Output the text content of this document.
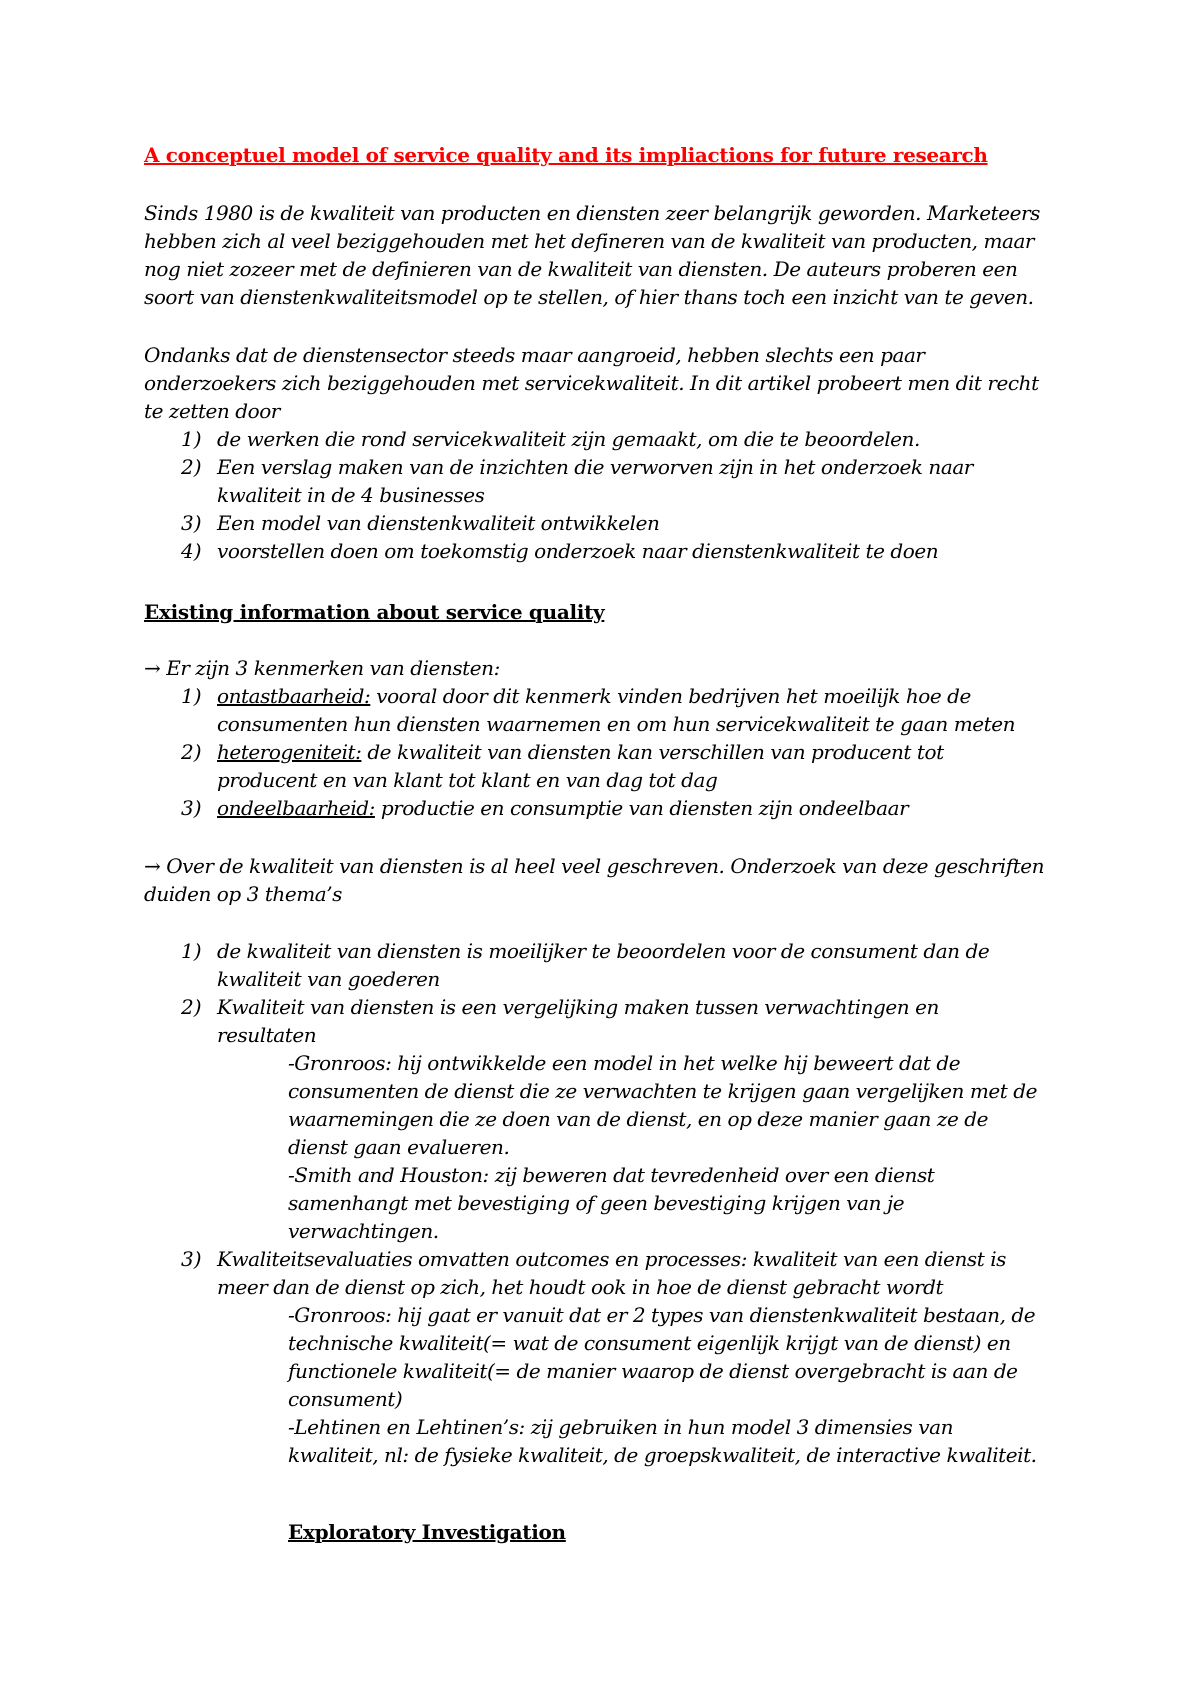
A conceptuel model of service quality and its impliactions for future research
Sinds 1980 is de kwaliteit van producten en diensten zeer belangrijk geworden. Marketeers
hebben zich al veel beziggehouden met het defineren van de kwaliteit van producten, maar
nog niet zozeer met de definieren van de kwaliteit van diensten. De auteurs proberen een
soort van dienstenkwaliteitsmodel op te stellen, of hier thans toch een inzicht van te geven.
Ondanks dat de dienstensector steeds maar aangroeid, hebben slechts een paar
onderzoekers zich beziggehouden met servicekwaliteit. In dit artikel probeert men dit recht
te zetten door
1) de werken die rond servicekwaliteit zijn gemaakt, om die te beoordelen.
2) Een verslag maken van de inzichten die verworven zijn in het onderzoek naar
kwaliteit in de 4 businesses
3) Een model van dienstenkwaliteit ontwikkelen
4) voorstellen doen om toekomstig onderzoek naar dienstenkwaliteit te doen
Existing information about service quality
→ Er zijn 3 kenmerken van diensten:
1) ontastbaarheid: vooral door dit kenmerk vinden bedrijven het moeilijk hoe de
consumenten hun diensten waarnemen en om hun servicekwaliteit te gaan meten
2) heterogeniteit: de kwaliteit van diensten kan verschillen van producent tot
producent en van klant tot klant en van dag tot dag
3) ondeelbaarheid: productie en consumptie van diensten zijn ondeelbaar
→ Over de kwaliteit van diensten is al heel veel geschreven. Onderzoek van deze geschriften
duiden op 3 thema’s
1) de kwaliteit van diensten is moeilijker te beoordelen voor de consument dan de
kwaliteit van goederen
2) Kwaliteit van diensten is een vergelijking maken tussen verwachtingen en
resultaten
-Gronroos: hij ontwikkelde een model in het welke hij beweert dat de
consumenten de dienst die ze verwachten te krijgen gaan vergelijken met de
waarnemingen die ze doen van de dienst, en op deze manier gaan ze de
dienst gaan evalueren.
-Smith and Houston: zij beweren dat tevredenheid over een dienst
samenhangt met bevestiging of geen bevestiging krijgen van je
verwachtingen.
3) Kwaliteitsevaluaties omvatten outcomes en processes: kwaliteit van een dienst is
meer dan de dienst op zich, het houdt ook in hoe de dienst gebracht wordt
-Gronroos: hij gaat er vanuit dat er 2 types van dienstenkwaliteit bestaan, de
technische kwaliteit(= wat de consument eigenlijk krijgt van de dienst) en
functionele kwaliteit(= de manier waarop de dienst overgebracht is aan de
consument)
-Lehtinen en Lehtinen’s: zij gebruiken in hun model 3 dimensies van
kwaliteit, nl: de fysieke kwaliteit, de groepskwaliteit, de interactive kwaliteit.
Exploratory Investigation
